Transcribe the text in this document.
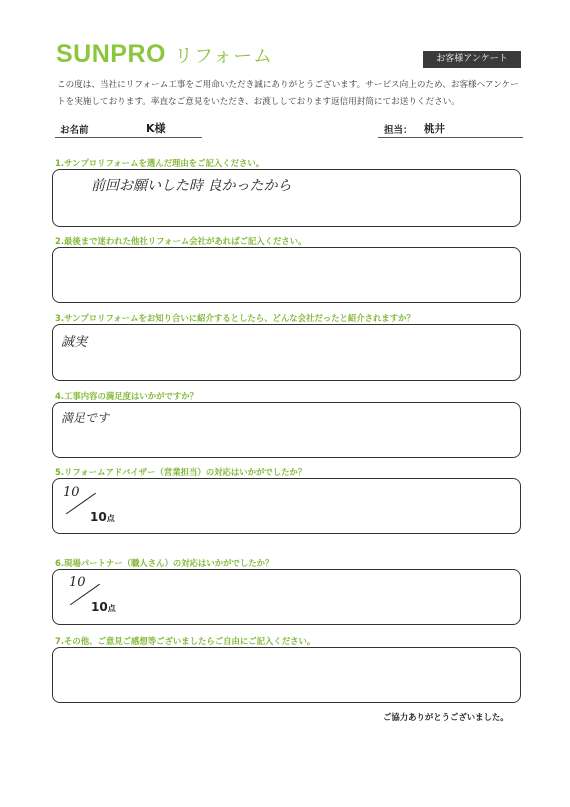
SUNPRO リフォーム	お客様アンケート
この度は、当社にリフォーム工事をご用命いただき誠にありがとうございます。サービス向上のため、お客様へアンケートを実施しております。率直なご意見をいただき、お渡ししております返信用封筒にてお送りください。
お名前	K様	担当： 桃井
1.サンプロリフォームを選んだ理由をご記入ください。
前回お願いした時 良かったから
2.最後まで迷われた他社リフォーム会社があればご記入ください。
3.サンプロリフォームをお知り合いに紹介するとしたら、どんな会社だったと紹介されますか？
誠実
4.工事内容の満足度はいかがですか？
満足です
5.リフォームアドバイザー（営業担当）の対応はいかがでしたか？
10
10点
6.現場パートナー（職人さん）の対応はいかがでしたか？
10
10点
7.その他、ご意見ご感想等ございましたらご自由にご記入ください。
ご協力ありがとうございました。
